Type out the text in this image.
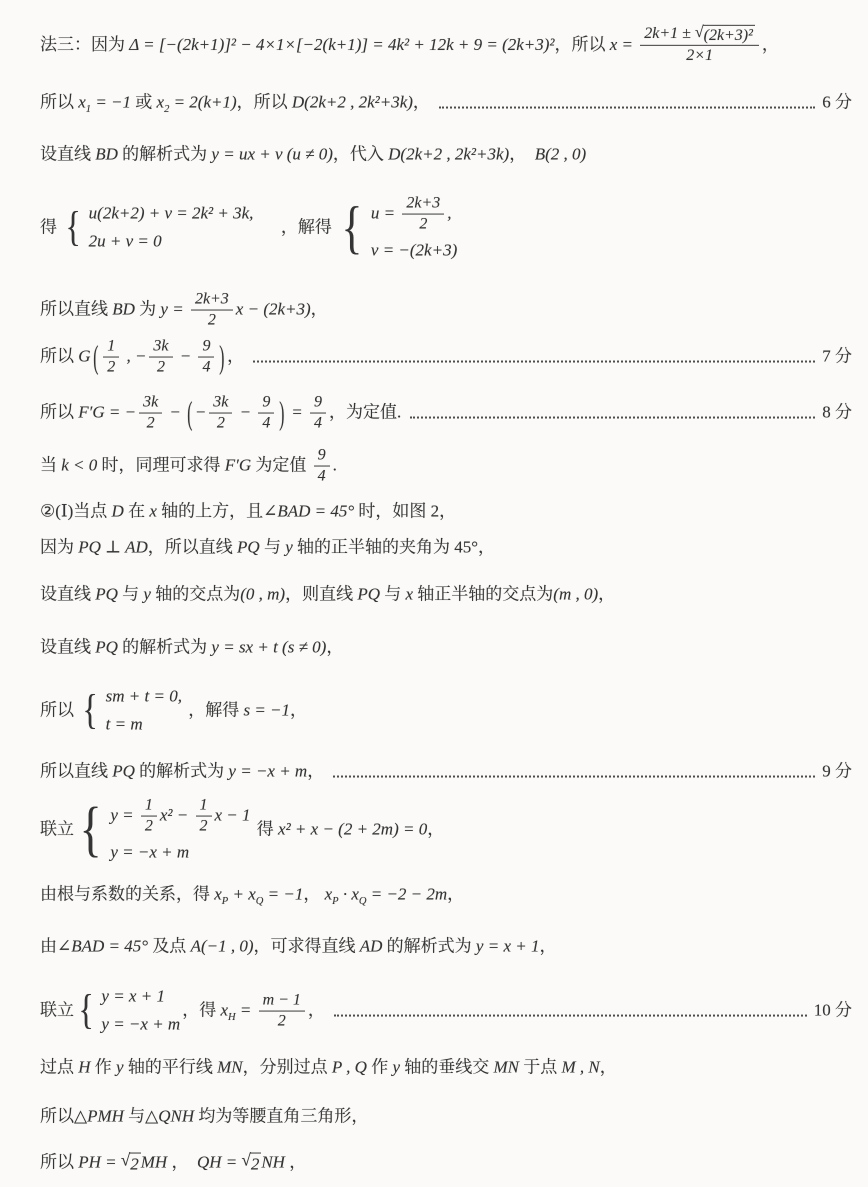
法三：因为 Δ = [−(2k+1)]² − 4×1×[−2(k+1)] = 4k² + 12k + 9 = (2k+3)² ，所以 $x = \frac{\text{2k+1 ± √ (2k+3)²}}{2\times 1}$ ，
所以 $x_1 = -1$ 或 $x_2 = 2(k+1)$ ，所以 D(2k+2 , 2k²+3k) ，	6 分
设直线 BD 的解析式为 y = ux + v (u ≠ 0) ，代入 D(2k+2 , 2k²+3k) ， B(2 , 0)
得 { u(2k+2) + v = 2k² + 3k,
2u + v = 0
，解得 { $u = \frac{2k+3}{2}$ ,
v = −(2k+3)
所以直线 BD 为 $y = \frac{2k+3}{2}$ x − (2k+3) ，
所以 G ( $\frac{1}{2}$ , − $\frac{3k}{2} - \frac{9}{4}$ ) ，	7 分
所以 F′G = − $\frac{3k}{2}$ − ( − $\frac{3k}{2} - \frac{9}{4}$ ) = $\frac{9}{4}$ ，为定值.	8 分
当 k < 0 时，同理可求得 F′G 为定值 $\frac{9}{4}$ .
②(Ⅰ)当点 D 在 x 轴的上方，且 ∠BAD = 45° 时，如图 2，
因为 PQ ⊥ AD ，所以直线 PQ 与 y 轴的正半轴的夹角为 45°，
设直线 PQ 与 y 轴的交点为 (0 , m) ，则直线 PQ 与 x 轴正半轴的交点为 (m , 0) ，
设直线 PQ 的解析式为 y = sx + t (s ≠ 0) ，
所以 { sm + t = 0,
t = m
，解得 s = −1 ，
所以直线 PQ 的解析式为 y = −x + m ，	9 分
联立 { $y = \frac{1}{2} x^2 - \frac{1}{2}$ x − 1
y = −x + m
得 x² + x − (2 + 2m) = 0 ，
由根与系数的关系，得 $x_P + x_Q = -1$ ， $x_P \cdot x_Q = -2 - 2m$ ，
由 ∠BAD = 45° 及点 A(−1 , 0) ，可求得直线 AD 的解析式为 y = x + 1 ，
联立 { y = x + 1
y = −x + m
，得 $x_H = \frac{m - 1}{2}$ ，	10 分
过点 H 作 y 轴的平行线 MN ，分别过点 P , Q 作 y 轴的垂线交 MN 于点 M , N ，
所以△ PMH 与△ QNH 均为等腰直角三角形，
所以 PH = √ 2 MH ， QH = √ 2 NH ，
